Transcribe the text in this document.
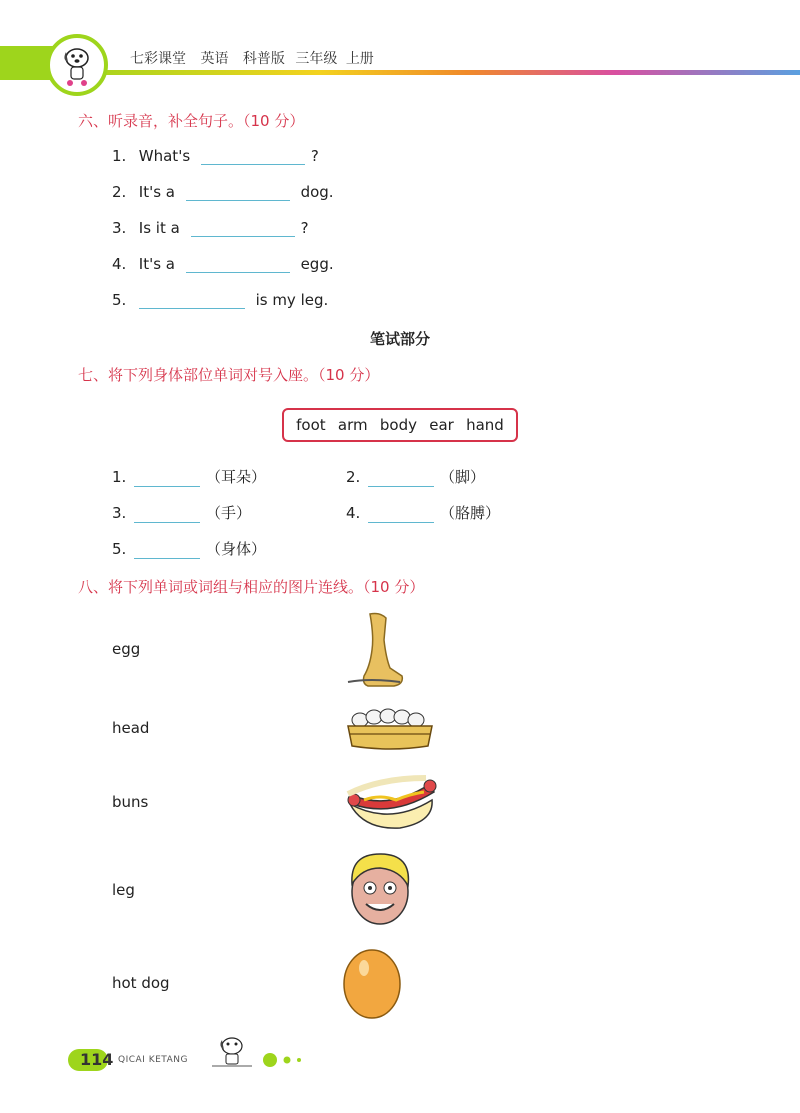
七彩课堂 英语 科普版 三年级 上册
六、听录音，补全句子。（10 分）
1. What's	?
2. It's a	dog.
3. Is it a	?
4. It's a	egg.
5.	is my leg.
笔试部分
七、将下列身体部位单词对号入座。（10 分）
foot arm body ear hand
1.	（耳朵）	2.	（脚）
3.	（手）	4.	（胳膊）
5.	（身体）
八、将下列单词或词组与相应的图片连线。（10 分）
egg
head
buns
leg
hot dog
114 QICAI KETANG
